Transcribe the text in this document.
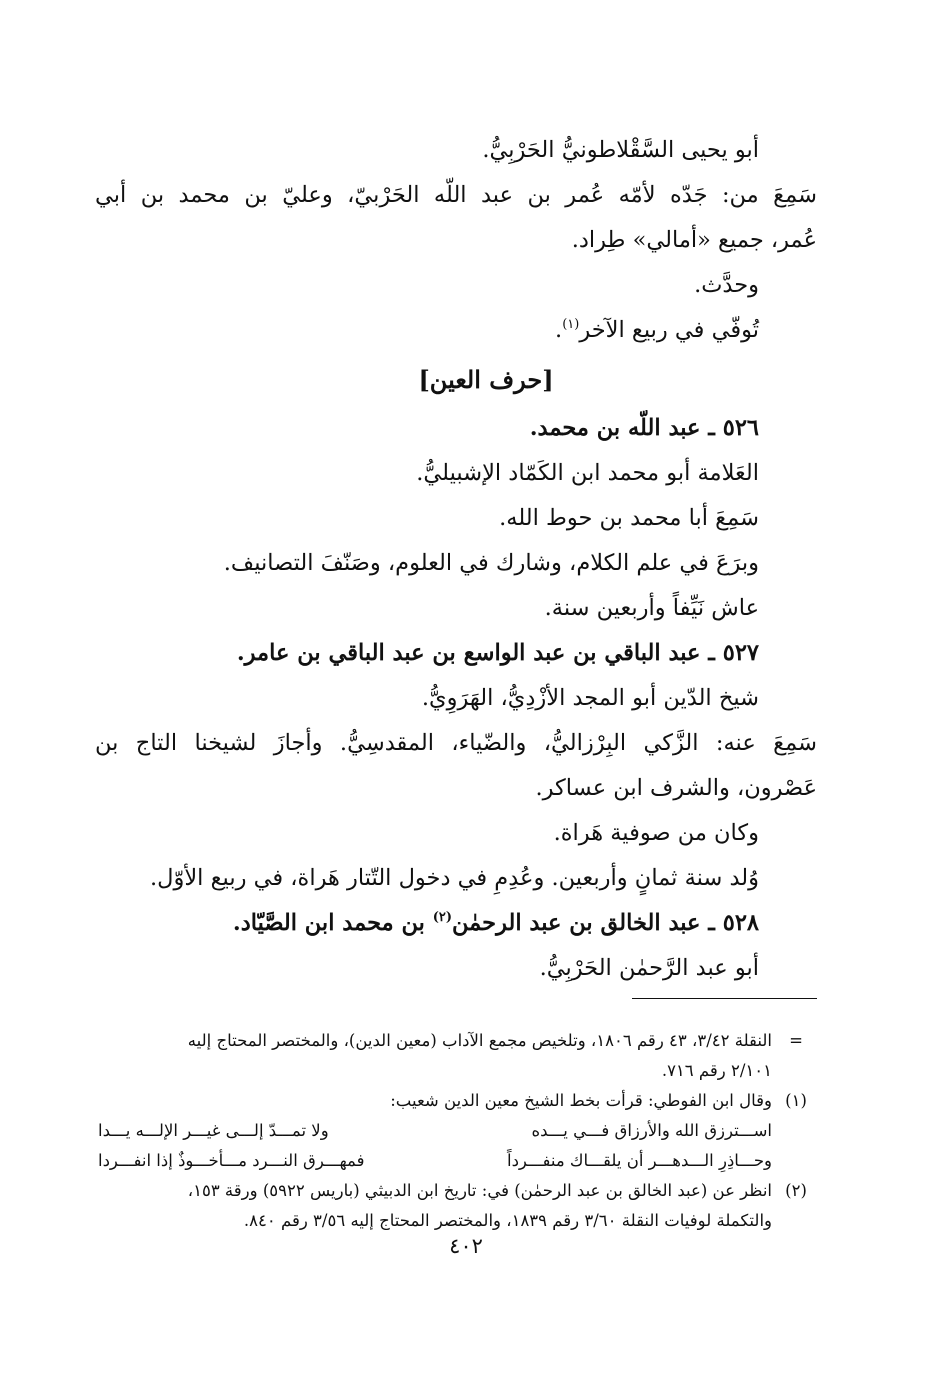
أبو يحيى السَّقْلاطونيُّ الحَرْبِيُّ.
سَمِعَ من: جَدّه لأمّه عُمر بن عبد اللّه الحَرْبيّ، وعليّ بن محمد بن أبي
عُمر، جميع «أمالي» طِراد.
وحدَّث.
تُوفّي في ربيع الآخر$^{(١)}$.
[حرف العين]
٥٢٦ ـ عبد اللّه بن محمد.
العَلامة أبو محمد ابن الكَمّاد الإشبيليُّ.
سَمِعَ أبا محمد بن حوط الله.
وبرَعَ في علم الكلام، وشارك في العلوم، وصَنّفَ التصانيف.
عاش نَيِّفاً وأربعين سنة.
٥٢٧ ـ عبد الباقي بن عبد الواسع بن عبد الباقي بن عامر.
شيخ الدّين أبو المجد الأزْدِيُّ، الهَرَوِيُّ.
سَمِعَ عنه: الزَّكي البِرْزاليُّ، والضّياء، المقدسِيُّ. وأجازَ لشيخنا التاج بن
عَصْرون، والشرف ابن عساكر.
وكان من صوفية هَراة.
وُلد سنة ثمانٍ وأربعين. وعُدِمِ في دخول التّتار هَراة، في ربيع الأوّل.
٥٢٨ ـ عبد الخالق بن عبد الرحمٰن$^{(٢)}$ بن محمد ابن الصَّيّاد.
أبو عبد الرَّحمٰن الحَرْبِيُّ.
=
النقلة ٣/٤٢، ٤٣ رقم ١٨٠٦، وتلخيص مجمع الآداب (معين الدين)، والمختصر المحتاج إليه
٢/١٠١ رقم ٧١٦.
(١)
وقال ابن الفوطي: قرأت بخط الشيخ معين الدين شعيب:
اســـترزق الله والأرزاق فـــي يـــده
ولا تمـــدّ إلـــى غيـــر الإلـــه يـــدا
وحـــاذِرِ الـــدهـــر أن يلقـــاك منفـــرداً
فمهـــرق النـــرد مـــأخـــوذٌ إذا انفـــردا
(٢)
انظر عن (عبد الخالق بن عبد الرحمٰن) في: تاريخ ابن الدبيثي (باريس ٥٩٢٢) ورقة ١٥٣،
والتكملة لوفيات النقلة ٣/٦٠ رقم ١٨٣٩، والمختصر المحتاج إليه ٣/٥٦ رقم ٨٤٠.
٤٠٢
